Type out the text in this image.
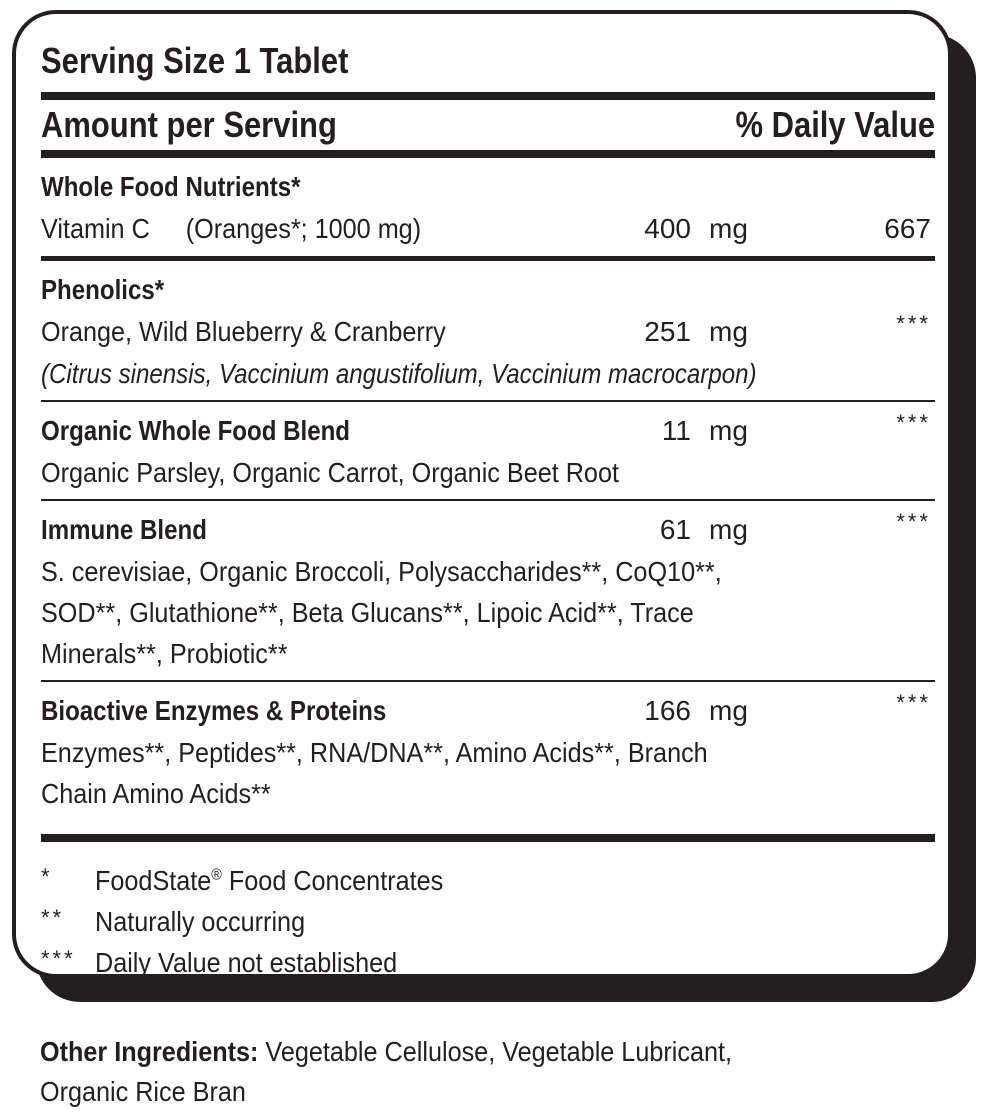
Serving Size 1 Tablet
Amount per Serving	% Daily Value
Whole Food Nutrients*
Vitamin C (Oranges*; 1000 mg)	400 mg	667
Phenolics*
Orange, Wild Blueberry & Cranberry	251 mg	***
(Citrus sinensis, Vaccinium angustifolium, Vaccinium macrocarpon)
Organic Whole Food Blend	11 mg	***
Organic Parsley, Organic Carrot, Organic Beet Root
Immune Blend	61 mg	***
S. cerevisiae, Organic Broccoli, Polysaccharides**, CoQ10**,
SOD**, Glutathione**, Beta Glucans**, Lipoic Acid**, Trace
Minerals**, Probiotic**
Bioactive Enzymes & Proteins	166 mg	***
Enzymes**, Peptides**, RNA/DNA**, Amino Acids**, Branch
Chain Amino Acids**
*	FoodState® Food Concentrates
**	Naturally occurring
*** Daily Value not established
Other Ingredients: Vegetable Cellulose, Vegetable Lubricant,
Organic Rice Bran
